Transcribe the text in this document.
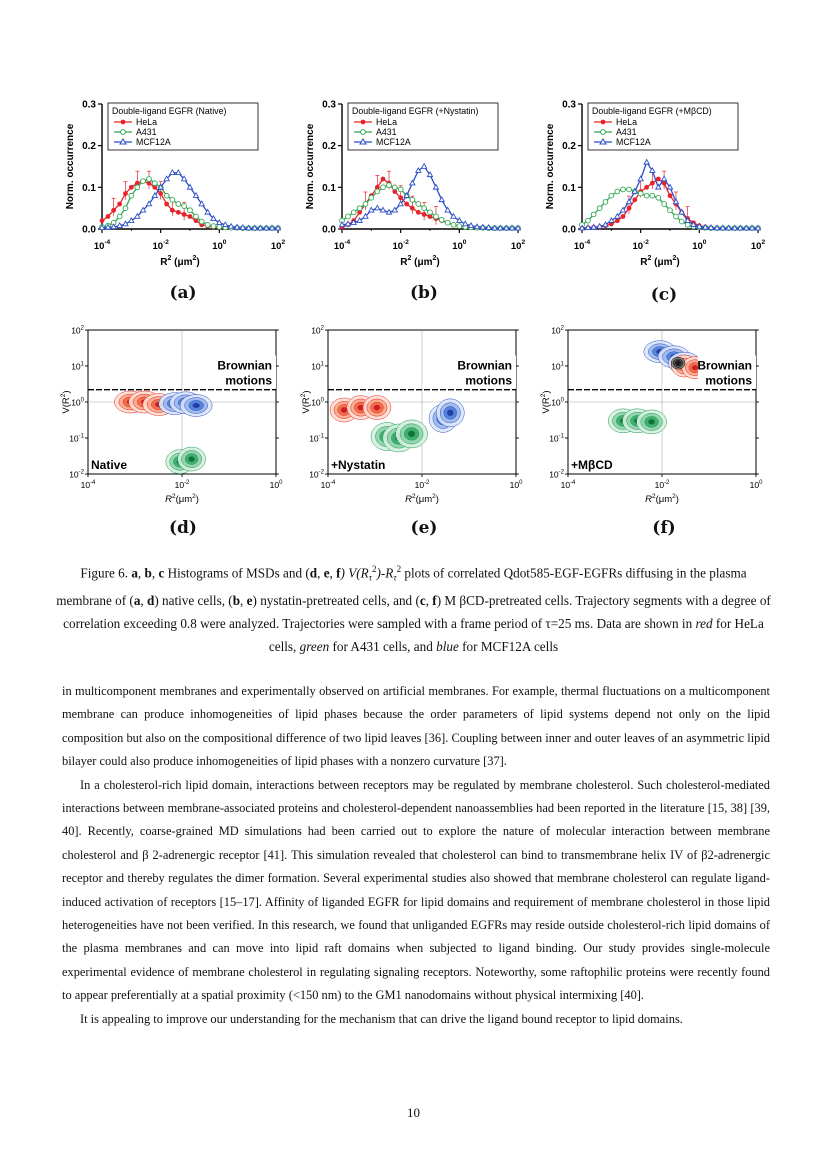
0.0
0.1
0.2
0.3
$10^{-4}$	$10^{-2}$	$10^0$	$10^2$
Norm. occurrence
$R^2$ $(\mu m^2)$
Double-ligand EGFR (Native)
HeLa
A431
MCF12A
0.0
0.1
0.2
0.3
$10^{-4}$	$10^{-2}$	$10^0$	$10^2$
Norm. occurrence
$R^2$ $(\mu m^2)$
Double-ligand EGFR (+Nystatin)
HeLa
A431
MCF12A
0.0
0.1
0.2
0.3
$10^{-4}$	$10^{-2}$	$10^0$	$10^2$
Norm. occurrence
$R^2$ $(\mu m^2)$
Double-ligand EGFR (+MβCD)
HeLa
A431
MCF12A
(a)	(b)	(c)
Brownian
motions
Native
$10^2$
$10^1$
$10^0$
$10^{-1}$
$10^{-2}$
$10^{-4}$	$10^{-2}$	$10^0$
$V(R^2)$
$R^2(\mu m^2)$
Brownian
motions
+Nystatin
$10^2$
$10^1$
$10^0$
$10^{-1}$
$10^{-2}$
$10^{-4}$	$10^{-2}$	$10^0$
$V(R^2)$
$R^2(\mu m^2)$
Brownian
motions
+MβCD
$10^2$
$10^1$
$10^0$
$10^{-1}$
$10^{-2}$
$10^{-4}$	$10^{-2}$	$10^0$
$V(R^2)$
$R^2(\mu m^2)$
(d)	(e)	(f)
Figure 6. a, b, c Histograms of MSDs and (d, e, f) $V(R_\tau^2)-R_\tau^2$ plots of correlated Qdot585-EGF-EGFRs diffusing in the plasma membrane of (a, d) native cells, (b, e) nystatin-pretreated cells, and (c, f) M βCD-pretreated cells. Trajectory segments with a degree of correlation exceeding 0.8 were analyzed. Trajectories were sampled with a frame period of τ=25 ms. Data are shown in red for HeLa cells, green for A431 cells, and blue for MCF12A cells

in multicomponent membranes and experimentally observed on artificial membranes. For example, thermal fluctuations on a multicomponent membrane can produce inhomogeneities of lipid phases because the order parameters of lipid systems depend not only on the lipid composition but also on the compositional difference of two lipid leaves [36]. Coupling between inner and outer leaves of an asymmetric lipid bilayer could also produce inhomogeneities of lipid phases with a nonzero curvature [37].

In a cholesterol-rich lipid domain, interactions between receptors may be regulated by membrane cholesterol. Such cholesterol-mediated interactions between membrane-associated proteins and cholesterol-dependent nanoassemblies had been reported in the literature [15, 38] [39, 40]. Recently, coarse-grained MD simulations had been carried out to explore the nature of molecular interaction between membrane cholesterol and β 2-adrenergic receptor [41]. This simulation revealed that cholesterol can bind to transmembrane helix IV of β2-adrenergic receptor and thereby regulates the dimer formation. Several experimental studies also showed that membrane cholesterol can regulate ligand-induced activation of receptors [15–17]. Affinity of liganded EGFR for lipid domains and requirement of membrane cholesterol in those lipid heterogeneities have not been verified. In this research, we found that unliganded EGFRs may reside outside cholesterol-rich lipid domains of the plasma membranes and can move into lipid raft domains when subjected to ligand binding. Our study provides single-molecule experimental evidence of membrane cholesterol in regulating signaling receptors. Noteworthy, some raftophilic proteins were recently found to appear preferentially at a spatial proximity (<150 nm) to the GM1 nanodomains without physical intermixing [40].

It is appealing to improve our understanding for the mechanism that can drive the ligand bound receptor to lipid domains.

10
